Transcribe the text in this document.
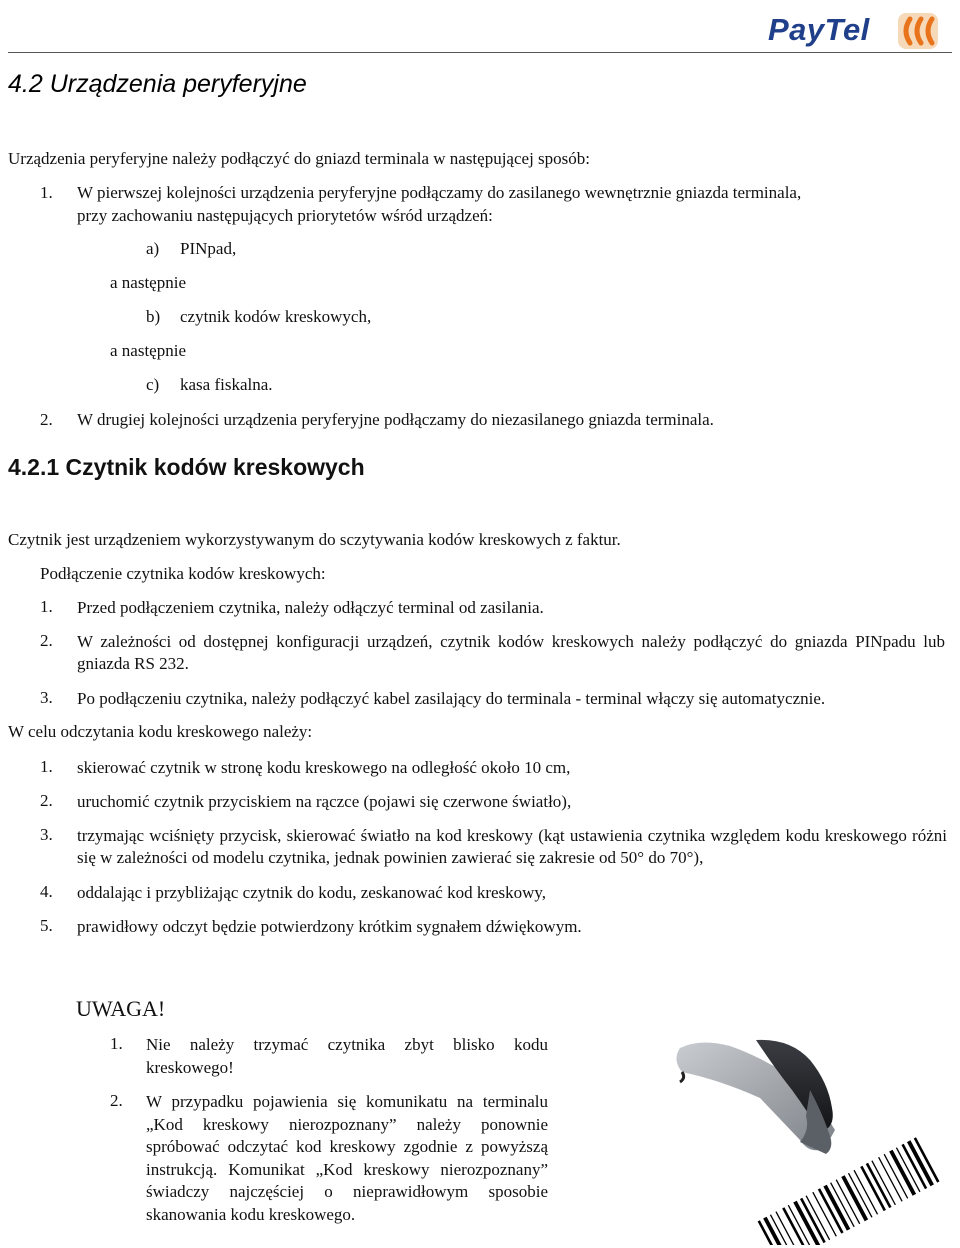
PayTel
4.2 Urządzenia peryferyjne

Urządzenia peryferyjne należy podłączyć do gniazd terminala w następującej sposób:

1. W pierwszej kolejności urządzenia peryferyjne podłączamy do zasilanego wewnętrznie gniazda terminala,

przy zachowaniu następujących priorytetów wśród urządzeń:

a) PINpad,
a następnie
b) czytnik kodów kreskowych,
a następnie
c) kasa fiskalna.
2. W drugiej kolejności urządzenia peryferyjne podłączamy do niezasilanego gniazda terminala.
4.2.1 Czytnik kodów kreskowych

Czytnik jest urządzeniem wykorzystywanym do sczytywania kodów kreskowych z faktur.

Podłączenie czytnika kodów kreskowych:

1. Przed podłączeniem czytnika, należy odłączyć terminal od zasilania.
2. W zależności od dostępnej konfiguracji urządzeń, czytnik kodów kreskowych należy podłączyć do gniazda PINpadu lub gniazda RS 232.
3. Po podłączeniu czytnika, należy podłączyć kabel zasilający do terminala - terminal włączy się automatycznie.

W celu odczytania kodu kreskowego należy:

1. skierować czytnik w stronę kodu kreskowego na odległość około 10 cm,
2. uruchomić czytnik przyciskiem na rączce (pojawi się czerwone światło),
3. trzymając wciśnięty przycisk, skierować światło na kod kreskowy (kąt ustawienia czytnika względem kodu kreskowego różni się w zależności od modelu czytnika, jednak powinien zawierać się zakresie od 50° do 70°),
4. oddalając i przybliżając czytnik do kodu, zeskanować kod kreskowy,
5. prawidłowy odczyt będzie potwierdzony krótkim sygnałem dźwiękowym.
UWAGA!
1. Nie należy trzymać czytnika zbyt blisko kodu kreskowego!
2. W przypadku pojawienia się komunikatu na terminalu „Kod kreskowy nierozpoznany” należy ponownie spróbować odczytać kod kreskowy zgodnie z powyższą instrukcją. Komunikat „Kod kreskowy nierozpoznany” świadczy najczęściej o nieprawidłowym sposobie skanowania kodu kreskowego.
